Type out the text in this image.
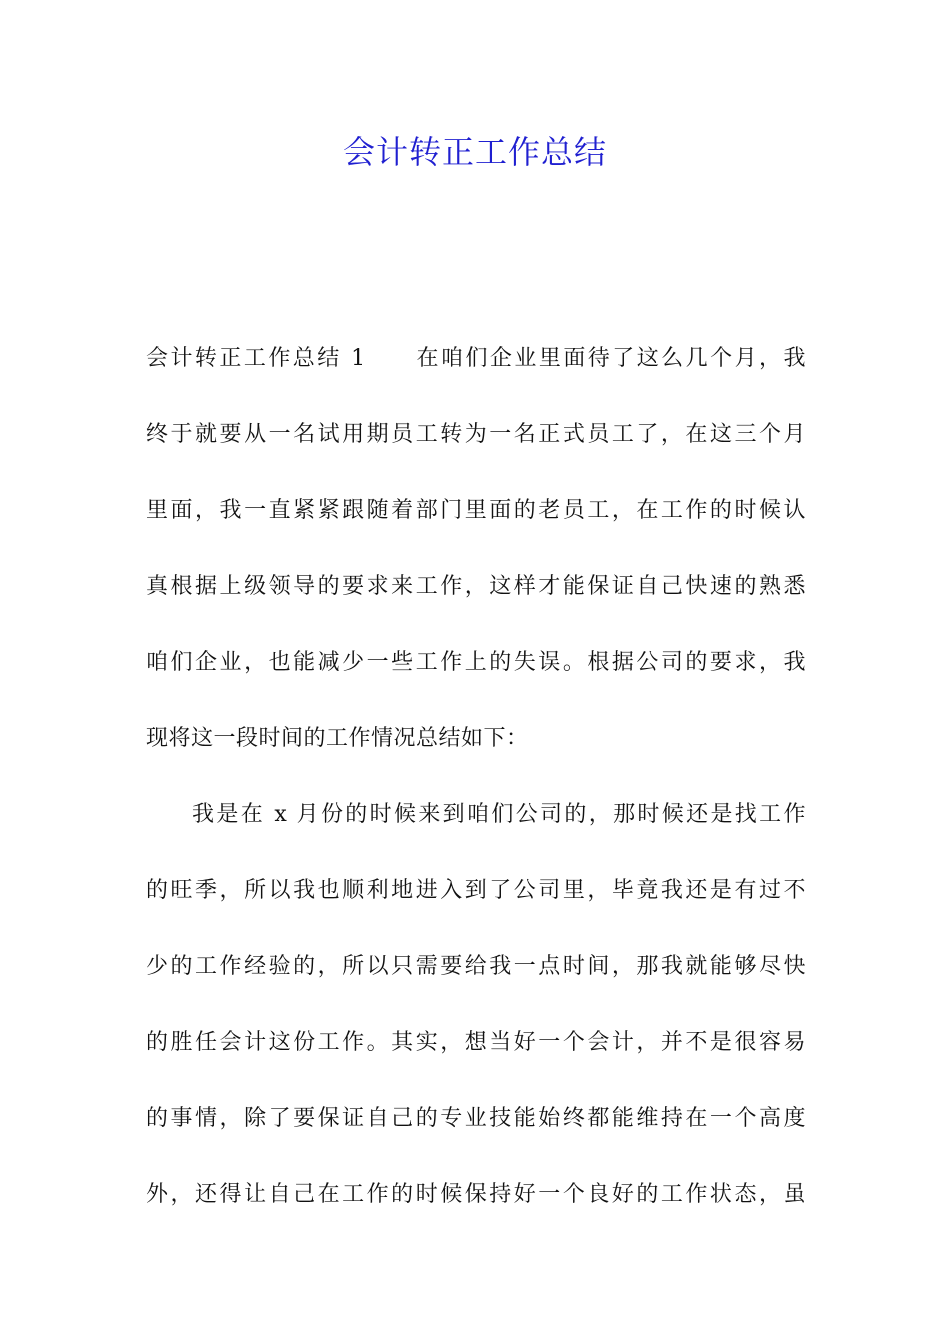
会计转正工作总结
会计转正工作总结 1　　在咱们企业里面待了这么几个月，我
终于就要从一名试用期员工转为一名正式员工了，在这三个月
里面，我一直紧紧跟随着部门里面的老员工，在工作的时候认
真根据上级领导的要求来工作，这样才能保证自己快速的熟悉
咱们企业，也能减少一些工作上的失误。根据公司的要求，我
现将这一段时间的工作情况总结如下：
我是在 x 月份的时候来到咱们公司的，那时候还是找工作
的旺季，所以我也顺利地进入到了公司里，毕竟我还是有过不
少的工作经验的，所以只需要给我一点时间，那我就能够尽快
的胜任会计这份工作。其实，想当好一个会计，并不是很容易
的事情，除了要保证自己的专业技能始终都能维持在一个高度
外，还得让自己在工作的时候保持好一个良好的工作状态，虽
